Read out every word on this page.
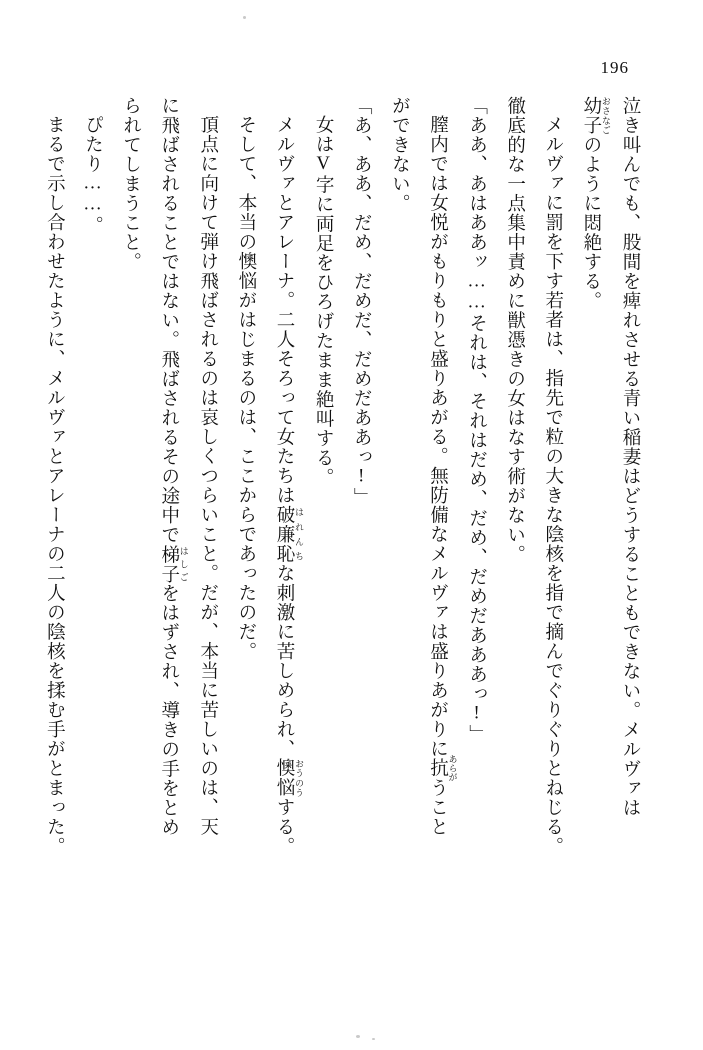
196

泣き叫んでも、股間を痺れさせる青い稲妻はどうすることもできない。メルヴァは

幼子 おさなごのように悶絶する。

メルヴァに罰を下す若者は、指先で粒の大きな陰核を指で摘んでぐりぐりとねじる。

徹底的な一点集中責めに獣憑きの女はなす術がない。

「ああ、あはああッ……それは、それはだめ、だめ、だめだあああっ!」

膣内では女悦がもりもりと盛りあがる。無防備なメルヴァは盛りあがりに抗 あらがうこと

ができない。

「あ、ああ、だめ、だめだ、だめだああっ!」

女はV字に両足をひろげたまま絶叫する。

メルヴァとアレーナ。二人そろって女たちは破廉恥 はれんちな刺激に苦しめられ、懊悩 おうのうする。

そして、本当の懊悩がはじまるのは、ここからであったのだ。

頂点に向けて弾け飛ばされるのは哀しくつらいこと。だが、本当に苦しいのは、天

に飛ばされることではない。飛ばされるその途中で梯子 はしごをはずされ、導きの手をとめ

られてしまうこと。

ぴたり……。

まるで示し合わせたように、メルヴァとアレーナの二人の陰核を揉む手がとまった。
